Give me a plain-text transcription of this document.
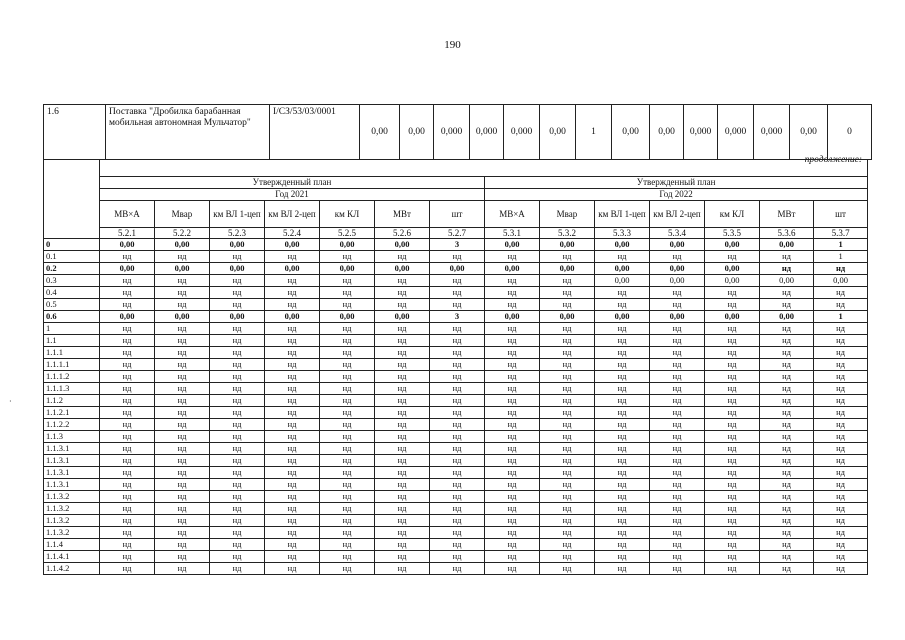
190
1.6	Поставка "Дробилка барабанная мобильная автономная Мульчатор"	I/СЗ/53/03/0001	0,00	0,00	0,000	0,000	0,000	0,00	1	0,00	0,00	0,000	0,000	0,000	0,00	0
продолжение:
·

	Утвержденный план							Утвержденный план						
	Год 2021							Год 2022						
	МВ×А	Мвар	км ВЛ 1-цеп	км ВЛ 2-цеп	км КЛ	МВт	шт	МВ×А	Мвар	км ВЛ 1-цеп	км ВЛ 2-цеп	км КЛ	МВт	шт
	5.2.1	5.2.2	5.2.3	5.2.4	5.2.5	5.2.6	5.2.7	5.3.1	5.3.2	5.3.3	5.3.4	5.3.5	5.3.6	5.3.7
0	0,00	0,00	0,00	0,00	0,00	0,00	3	0,00	0,00	0,00	0,00	0,00	0,00	1
0.1	нд	нд	нд	нд	нд	нд	нд	нд	нд	нд	нд	нд	нд	1
0.2	0,00	0,00	0,00	0,00	0,00	0,00	0,00	0,00	0,00	0,00	0,00	0,00	нд	нд
0.3	нд	нд	нд	нд	нд	нд	нд	нд	нд	0,00	0,00	0,00	0,00	0,00
0.4	нд	нд	нд	нд	нд	нд	нд	нд	нд	нд	нд	нд	нд	нд
0.5	нд	нд	нд	нд	нд	нд	нд	нд	нд	нд	нд	нд	нд	нд
0.6	0,00	0,00	0,00	0,00	0,00	0,00	3	0,00	0,00	0,00	0,00	0,00	0,00	1
1	нд	нд	нд	нд	нд	нд	нд	нд	нд	нд	нд	нд	нд	нд
1.1	нд	нд	нд	нд	нд	нд	нд	нд	нд	нд	нд	нд	нд	нд
1.1.1	нд	нд	нд	нд	нд	нд	нд	нд	нд	нд	нд	нд	нд	нд
1.1.1.1	нд	нд	нд	нд	нд	нд	нд	нд	нд	нд	нд	нд	нд	нд
1.1.1.2	нд	нд	нд	нд	нд	нд	нд	нд	нд	нд	нд	нд	нд	нд
1.1.1.3	нд	нд	нд	нд	нд	нд	нд	нд	нд	нд	нд	нд	нд	нд
1.1.2	нд	нд	нд	нд	нд	нд	нд	нд	нд	нд	нд	нд	нд	нд
1.1.2.1	нд	нд	нд	нд	нд	нд	нд	нд	нд	нд	нд	нд	нд	нд
1.1.2.2	нд	нд	нд	нд	нд	нд	нд	нд	нд	нд	нд	нд	нд	нд
1.1.3	нд	нд	нд	нд	нд	нд	нд	нд	нд	нд	нд	нд	нд	нд
1.1.3.1	нд	нд	нд	нд	нд	нд	нд	нд	нд	нд	нд	нд	нд	нд
1.1.3.1	нд	нд	нд	нд	нд	нд	нд	нд	нд	нд	нд	нд	нд	нд
1.1.3.1	нд	нд	нд	нд	нд	нд	нд	нд	нд	нд	нд	нд	нд	нд
1.1.3.1	нд	нд	нд	нд	нд	нд	нд	нд	нд	нд	нд	нд	нд	нд
1.1.3.2	нд	нд	нд	нд	нд	нд	нд	нд	нд	нд	нд	нд	нд	нд
1.1.3.2	нд	нд	нд	нд	нд	нд	нд	нд	нд	нд	нд	нд	нд	нд
1.1.3.2	нд	нд	нд	нд	нд	нд	нд	нд	нд	нд	нд	нд	нд	нд
1.1.3.2	нд	нд	нд	нд	нд	нд	нд	нд	нд	нд	нд	нд	нд	нд
1.1.4	нд	нд	нд	нд	нд	нд	нд	нд	нд	нд	нд	нд	нд	нд
1.1.4.1	нд	нд	нд	нд	нд	нд	нд	нд	нд	нд	нд	нд	нд	нд
1.1.4.2	нд	нд	нд	нд	нд	нд	нд	нд	нд	нд	нд	нд	нд	нд
